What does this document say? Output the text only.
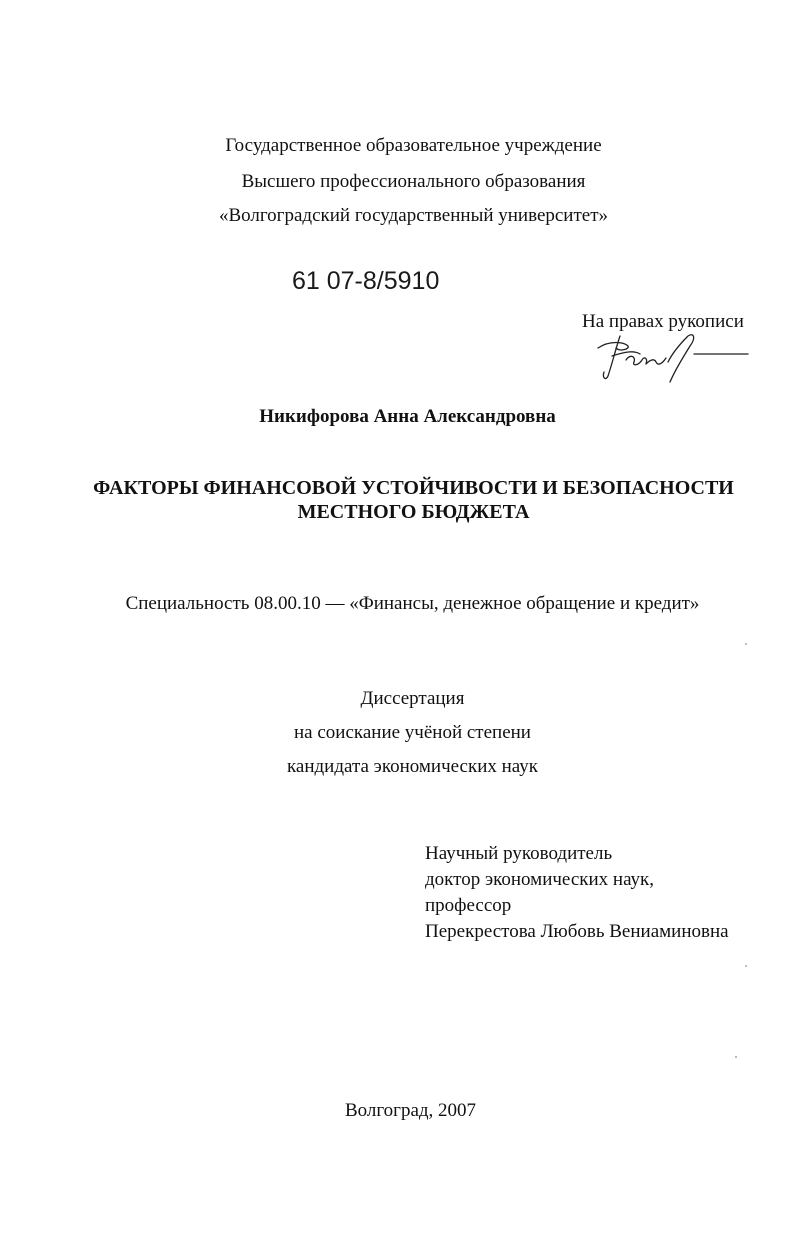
Государственное образовательное учреждение
Высшего профессионального образования
«Волгоградский государственный университет»
61 07-8/5910
На правах рукописи
Никифорова Анна Александровна
ФАКТОРЫ ФИНАНСОВОЙ УСТОЙЧИВОСТИ И БЕЗОПАСНОСТИ
МЕСТНОГО БЮДЖЕТА
Специальность 08.00.10 — «Финансы, денежное обращение и кредит»
Диссертация
на соискание учёной степени
кандидата экономических наук
Научный руководитель
доктор экономических наук,
профессор
Перекрестова Любовь Вениаминовна
Волгоград, 2007
